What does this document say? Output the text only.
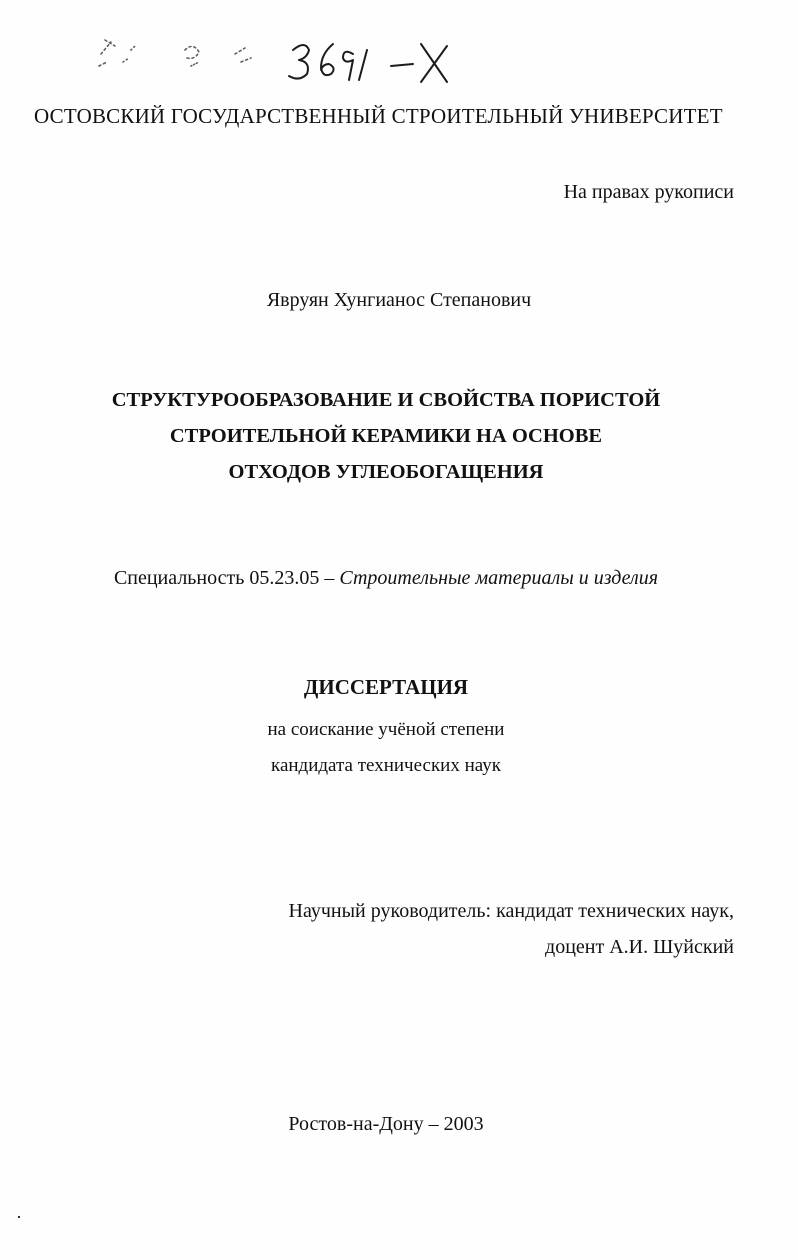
ОСТОВСКИЙ ГОСУДАРСТВЕННЫЙ СТРОИТЕЛЬНЫЙ УНИВЕРСИТЕТ
На правах рукописи
Явруян Хунгианос Степанович
СТРУКТУРООБРАЗОВАНИЕ И СВОЙСТВА ПОРИСТОЙ
СТРОИТЕЛЬНОЙ КЕРАМИКИ НА ОСНОВЕ
ОТХОДОВ УГЛЕОБОГАЩЕНИЯ
Специальность 05.23.05 – Строительные материалы и изделия
ДИССЕРТАЦИЯ
на соискание учёной степени
кандидата технических наук
Научный руководитель: кандидат технических наук,
доцент А.И. Шуйский
Ростов-на-Дону – 2003
